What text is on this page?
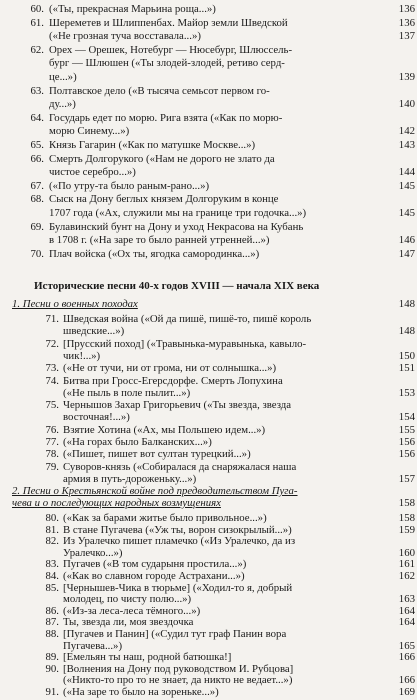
60. («Ты, прекрасная Марьина роща...»)	136
61. Шереметев и Шлиппенбах. Майор земли Шведской	136
(«Не грозная туча восставала...»)	137
62. Орех — Орешек, Нотебург — Нюсебург, Шлюссель-
бург — Шлюшен («Ты злодей-злодей, ретиво серд-
це...»)	139
63. Полтавское дело («В тысяча семьсот первом го-
ду...»)	140
64. Государь едет по морю. Рига взята («Как по морю-
морю Синему...»)	142
65. Князь Гагарин («Как по матушке Москве...»)	143
66. Смерть Долгорукого («Нам не дорого не злато да
чистое серебро...»)	144
67. («По утру-та было раным-рано...»)	145
68. Сыск на Дону беглых князем Долгоруким в конце
1707 года («Ах, служили мы на границе три годочка...»)	145
69. Булавинский бунт на Дону и уход Некрасова на Кубань
в 1708 г. («На заре то было ранней утренней...»)	146
70. Плач войска («Ох ты, ягодка самородинка...»)	147
Исторические песни 40-х годов XVIII — начала XIX века
1. Песни о военных походах	148
71. Шведская война («Ой да пишё, пишё-то, пишё король
шведские...»)	148
72. [Прусский поход] («Травынька-муравынька, кавыло-
чик!...»)	150
73. («Не от тучи, ни от грома, ни от солнышка...»)	151
74. Битва при Гросс-Егерсдорфе. Смерть Лопухина
(«Не пыль в поле пылит...»)	153
75. Чернышов Захар Григорьевич («Ты звезда, звезда
восточная!...»)	154
76. Взятие Хотина («Ах, мы Польшею идем...»)	155
77. («На горах было Балканских...»)	156
78. («Пишет, пишет вот султан турецкий...»)	156
79. Суворов-князь («Собиралася да снаряжалася наша
армия в путь-дороженьку...»)	157
2. Песни о Крестьянской войне под предводительством Пуга-
чева и о последующих народных возмущениях	158
80. («Как за барами житье было привольное...»)	158
81. В стане Пугачева («Уж ты, ворон сизокрылый...»)	159
82. Из Уралечко пишет пламечко («Из Уралечко, да из
Уралечко...»)	160
83. Пугачев («В том сударыня простила...»)	161
84. («Как во славном городе Астрахани...»)	162
85. [Чернышев-Чика в тюрьме] («Ходил-то я, добрый
молодец, по чисту полю...»)	163
86. («Из-за леса-леса тёмного...»)	164
87. Ты, звезда ли, моя звездочка	164
88. [Пугачев и Панин] («Судил тут граф Панин вора
Пугачева...»)	165
89. [Емельян ты наш, родной батюшка!]	166
90. [Волнения на Дону под руководством И. Рубцова]
(«Никто-то про то не знает, да никто не ведает...»)	166
91. («На заре то было на зореньке...»)	169
